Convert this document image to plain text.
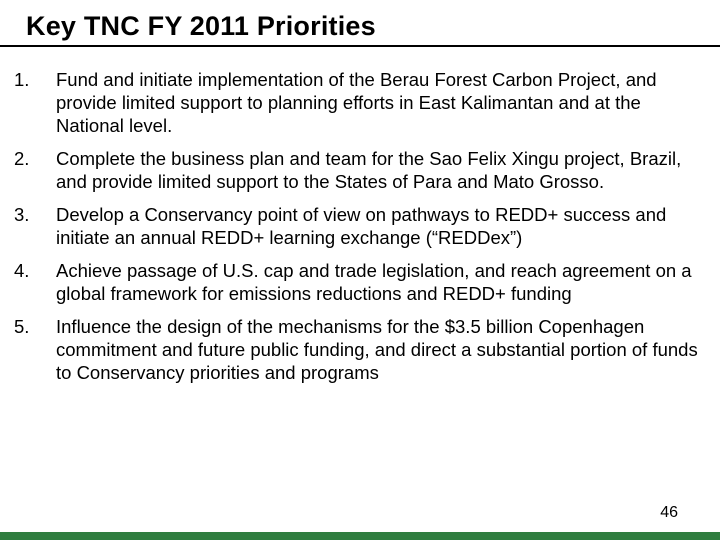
Key TNC FY 2011 Priorities
1.	Fund and initiate implementation of the Berau Forest Carbon Project, and provide limited support to planning efforts in East Kalimantan and at the National level.
2.	Complete the business plan and team for the Sao Felix Xingu project, Brazil, and provide limited support to the States of Para and Mato Grosso.
3.	Develop a Conservancy point of view on pathways to REDD+ success and initiate an annual REDD+ learning exchange (“REDDex”)
4.	Achieve passage of U.S. cap and trade legislation, and reach agreement on a global framework for emissions reductions and REDD+ funding
5.	Influence the design of the mechanisms for the $3.5 billion Copenhagen commitment and future public funding, and direct a substantial portion of funds to Conservancy priorities and programs
46
